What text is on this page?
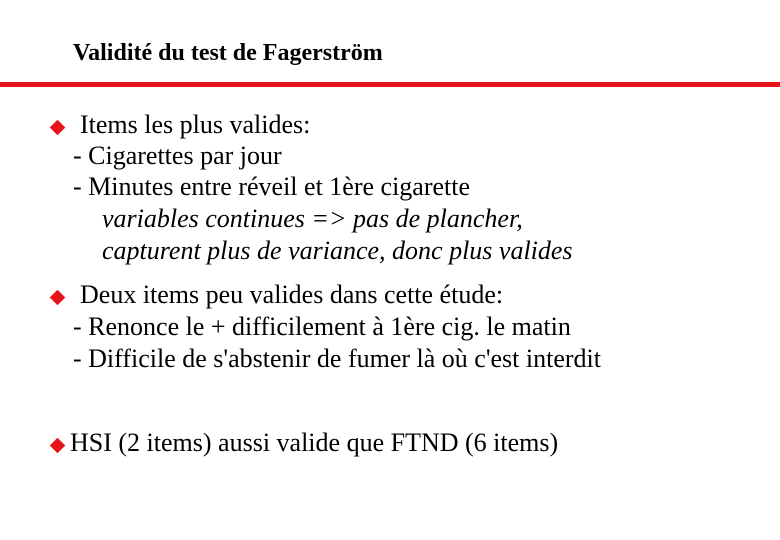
Validité du test de Fagerström
Items les plus valides:
- Cigarettes par jour
- Minutes entre réveil et 1ère cigarette
variables continues => pas de plancher,
capturent plus de variance, donc plus valides
Deux items peu valides dans cette étude:
- Renonce le + difficilement à 1ère cig. le matin
- Difficile de s'abstenir de fumer là où c'est interdit
HSI (2 items) aussi valide que FTND (6 items)
